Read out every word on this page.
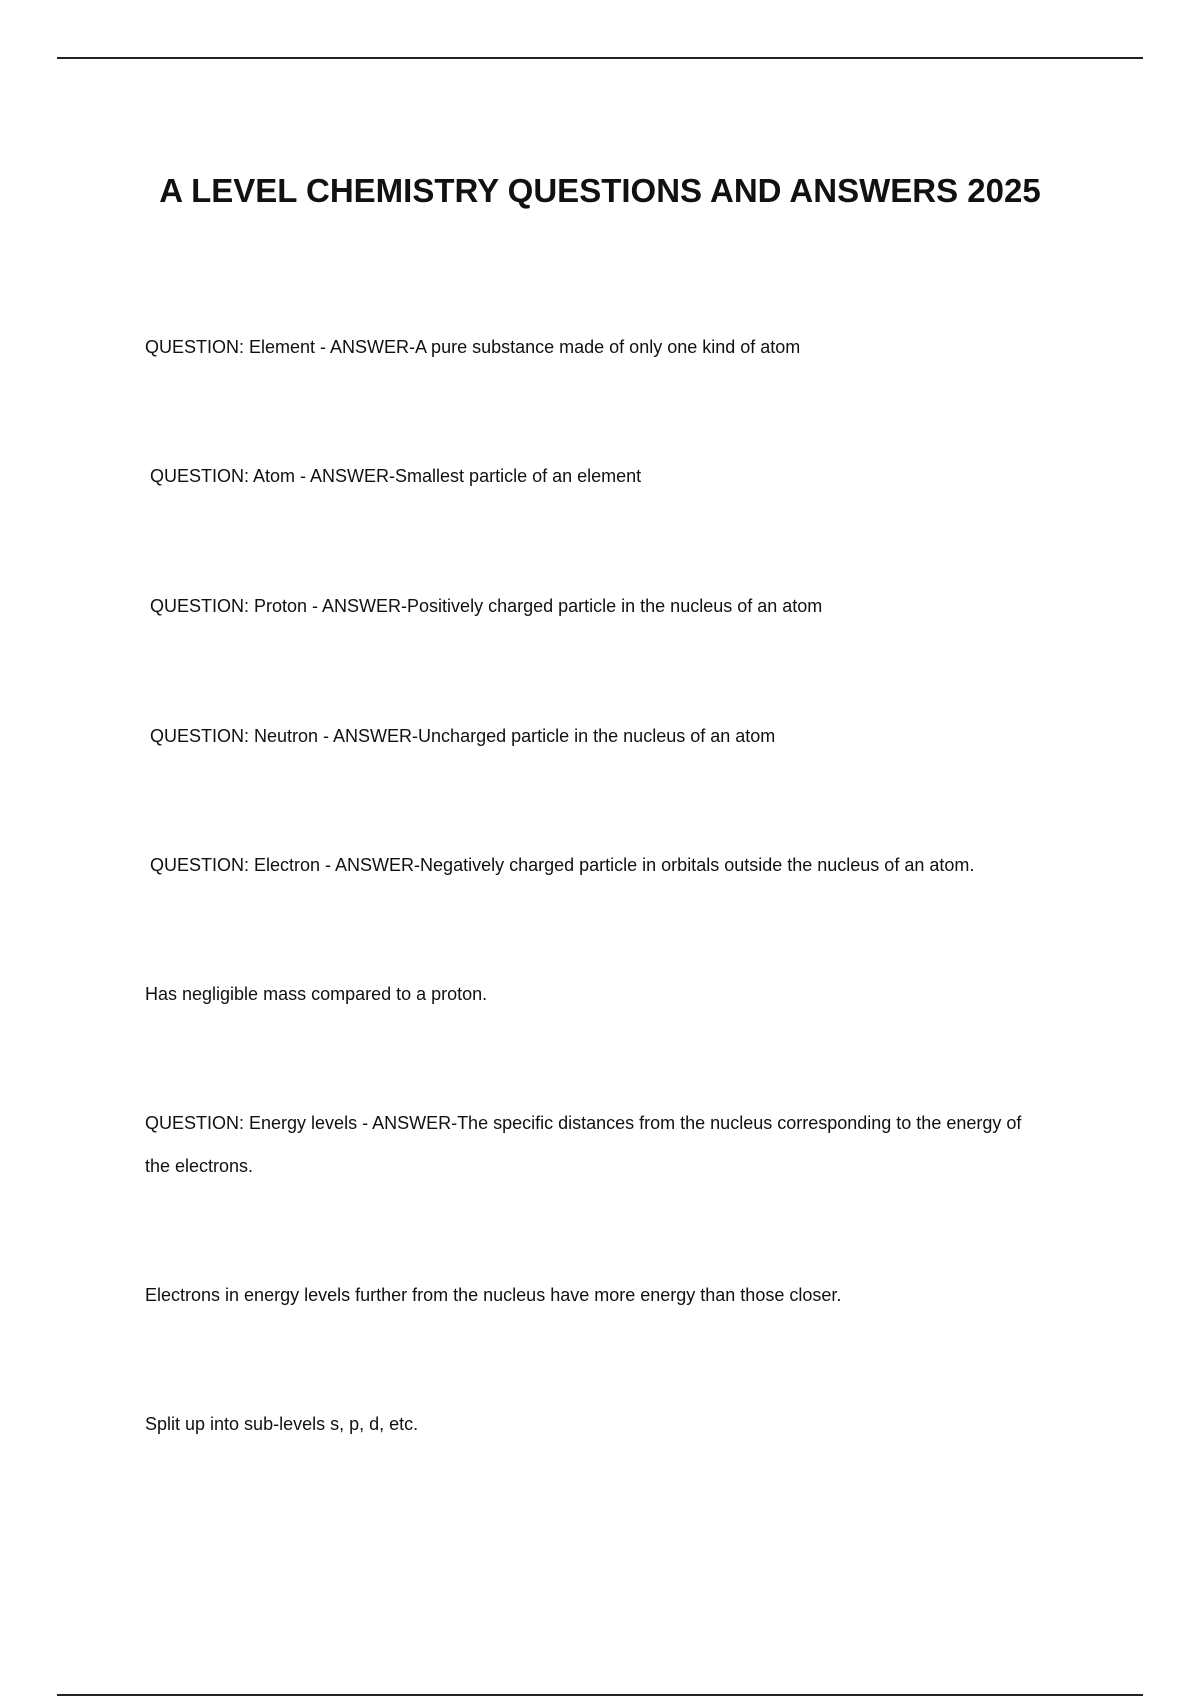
A LEVEL CHEMISTRY QUESTIONS AND ANSWERS 2025

QUESTION: Element - ANSWER-A pure substance made of only one kind of atom

QUESTION: Atom - ANSWER-Smallest particle of an element

QUESTION: Proton - ANSWER-Positively charged particle in the nucleus of an atom

QUESTION: Neutron - ANSWER-Uncharged particle in the nucleus of an atom

QUESTION: Electron - ANSWER-Negatively charged particle in orbitals outside the nucleus of an atom.

Has negligible mass compared to a proton.

QUESTION: Energy levels - ANSWER-The specific distances from the nucleus corresponding to the energy of the electrons.

Electrons in energy levels further from the nucleus have more energy than those closer.

Split up into sub-levels s, p, d, etc.
